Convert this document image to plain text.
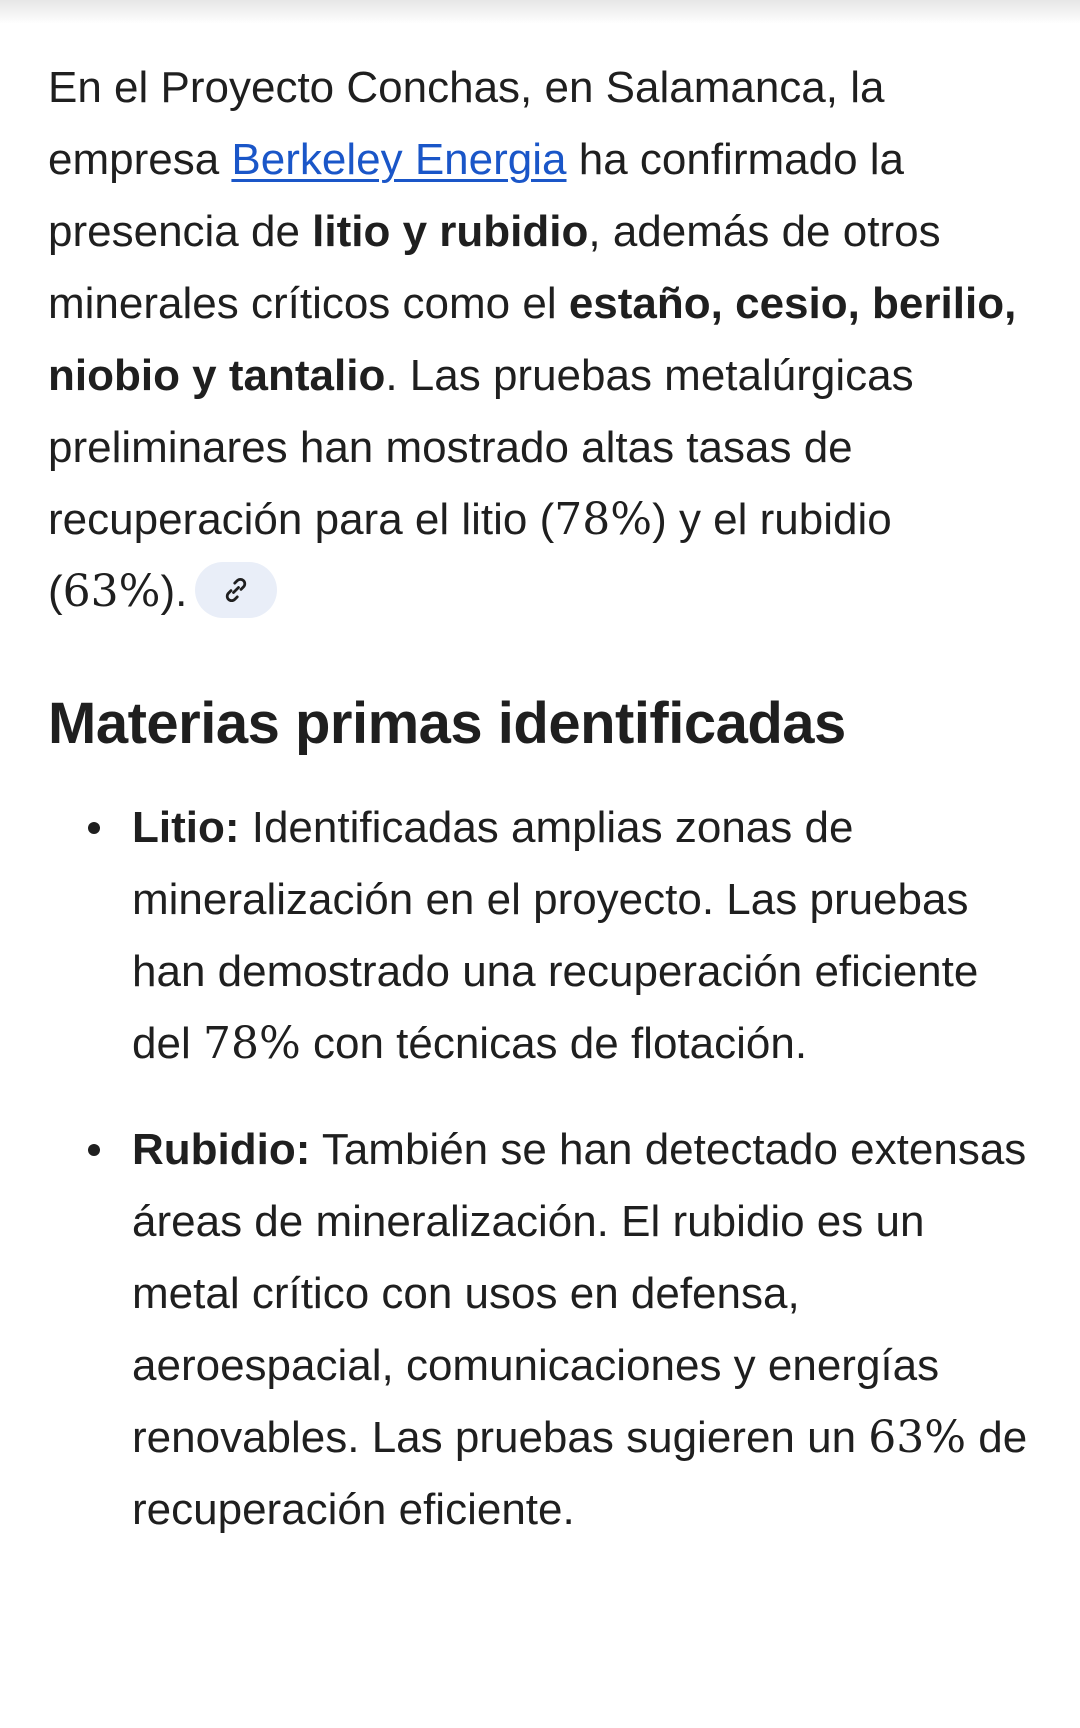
En el Proyecto Conchas, en Salamanca, la empresa Berkeley Energia ha confirmado la presencia de litio y rubidio, además de otros minerales críticos como el estaño, cesio, berilio, niobio y tantalio. Las pruebas metalúrgicas preliminares han mostrado altas tasas de recuperación para el litio (78%) y el rubidio (63%).

Materias primas identificadas
Litio: Identificadas amplias zonas de mineralización en el proyecto. Las pruebas han demostrado una recuperación eficiente del 78% con técnicas de flotación.
Rubidio: También se han detectado extensas áreas de mineralización. El rubidio es un metal crítico con usos en defensa, aeroespacial, comunicaciones y energías renovables. Las pruebas sugieren un 63% de recuperación eficiente.
